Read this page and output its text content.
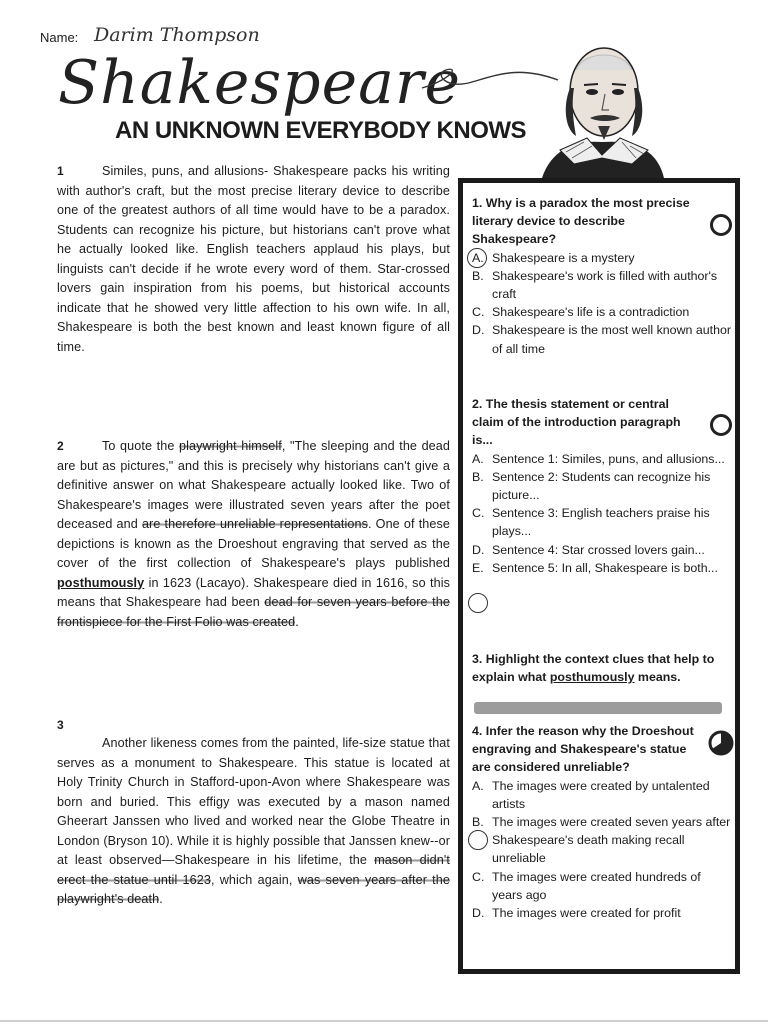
Name: Darim Thompson
Shakespeare
AN UNKNOWN EVERYBODY KNOWS
1	Similes, puns, and allusions- Shakespeare packs his writing with author's craft, but the most precise literary device to describe one of the greatest authors of all time would have to be a paradox. Students can recognize his picture, but historians can't prove what he actually looked like. English teachers applaud his plays, but linguists can't decide if he wrote every word of them. Star-crossed lovers gain inspiration from his poems, but historical accounts indicate that he showed very little affection to his own wife. In all, Shakespeare is both the best known and least known figure of all time.

2	To quote the playwright himself, "The sleeping and the dead are but as pictures," and this is precisely why historians can't give a definitive answer on what Shakespeare actually looked like. Two of Shakespeare's images were illustrated seven years after the poet deceased and are therefore unreliable representations. One of these depictions is known as the Droeshout engraving that served as the cover of the first collection of Shakespeare's plays published posthumously in 1623 (Lacayo). Shakespeare died in 1616, so this means that Shakespeare had been dead for seven years before the frontispiece for the First Folio was created.

3

Another likeness comes from the painted, life-size statue that serves as a monument to Shakespeare. This statue is located at Holy Trinity Church in Stafford-upon-Avon where Shakespeare was born and buried. This effigy was executed by a mason named Gheerart Janssen who lived and worked near the Globe Theatre in London (Bryson 10). While it is highly possible that Janssen knew--or at least observed—Shakespeare in his lifetime, the mason didn't erect the statue until 1623, which again, was seven years after the playwright's death.

1. Why is a paradox the most precise literary device to describe Shakespeare?
A. Shakespeare is a mystery
B. Shakespeare's work is filled with author's craft
C. Shakespeare's life is a contradiction
D. Shakespeare is the most well known author of all time
2. The thesis statement or central claim of the introduction paragraph is...
A. Sentence 1: Similes, puns, and allusions...
B. Sentence 2: Students can recognize his picture...
C. Sentence 3: English teachers praise his plays...
D. Sentence 4: Star crossed lovers gain...
E. Sentence 5: In all, Shakespeare is both...
3. Highlight the context clues that help to explain what posthumously means.
4. Infer the reason why the Droeshout engraving and Shakespeare's statue are considered unreliable?
A. The images were created by untalented artists
B. The images were created seven years after Shakespeare's death making recall unreliable
C. The images were created hundreds of years ago
D. The images were created for profit
